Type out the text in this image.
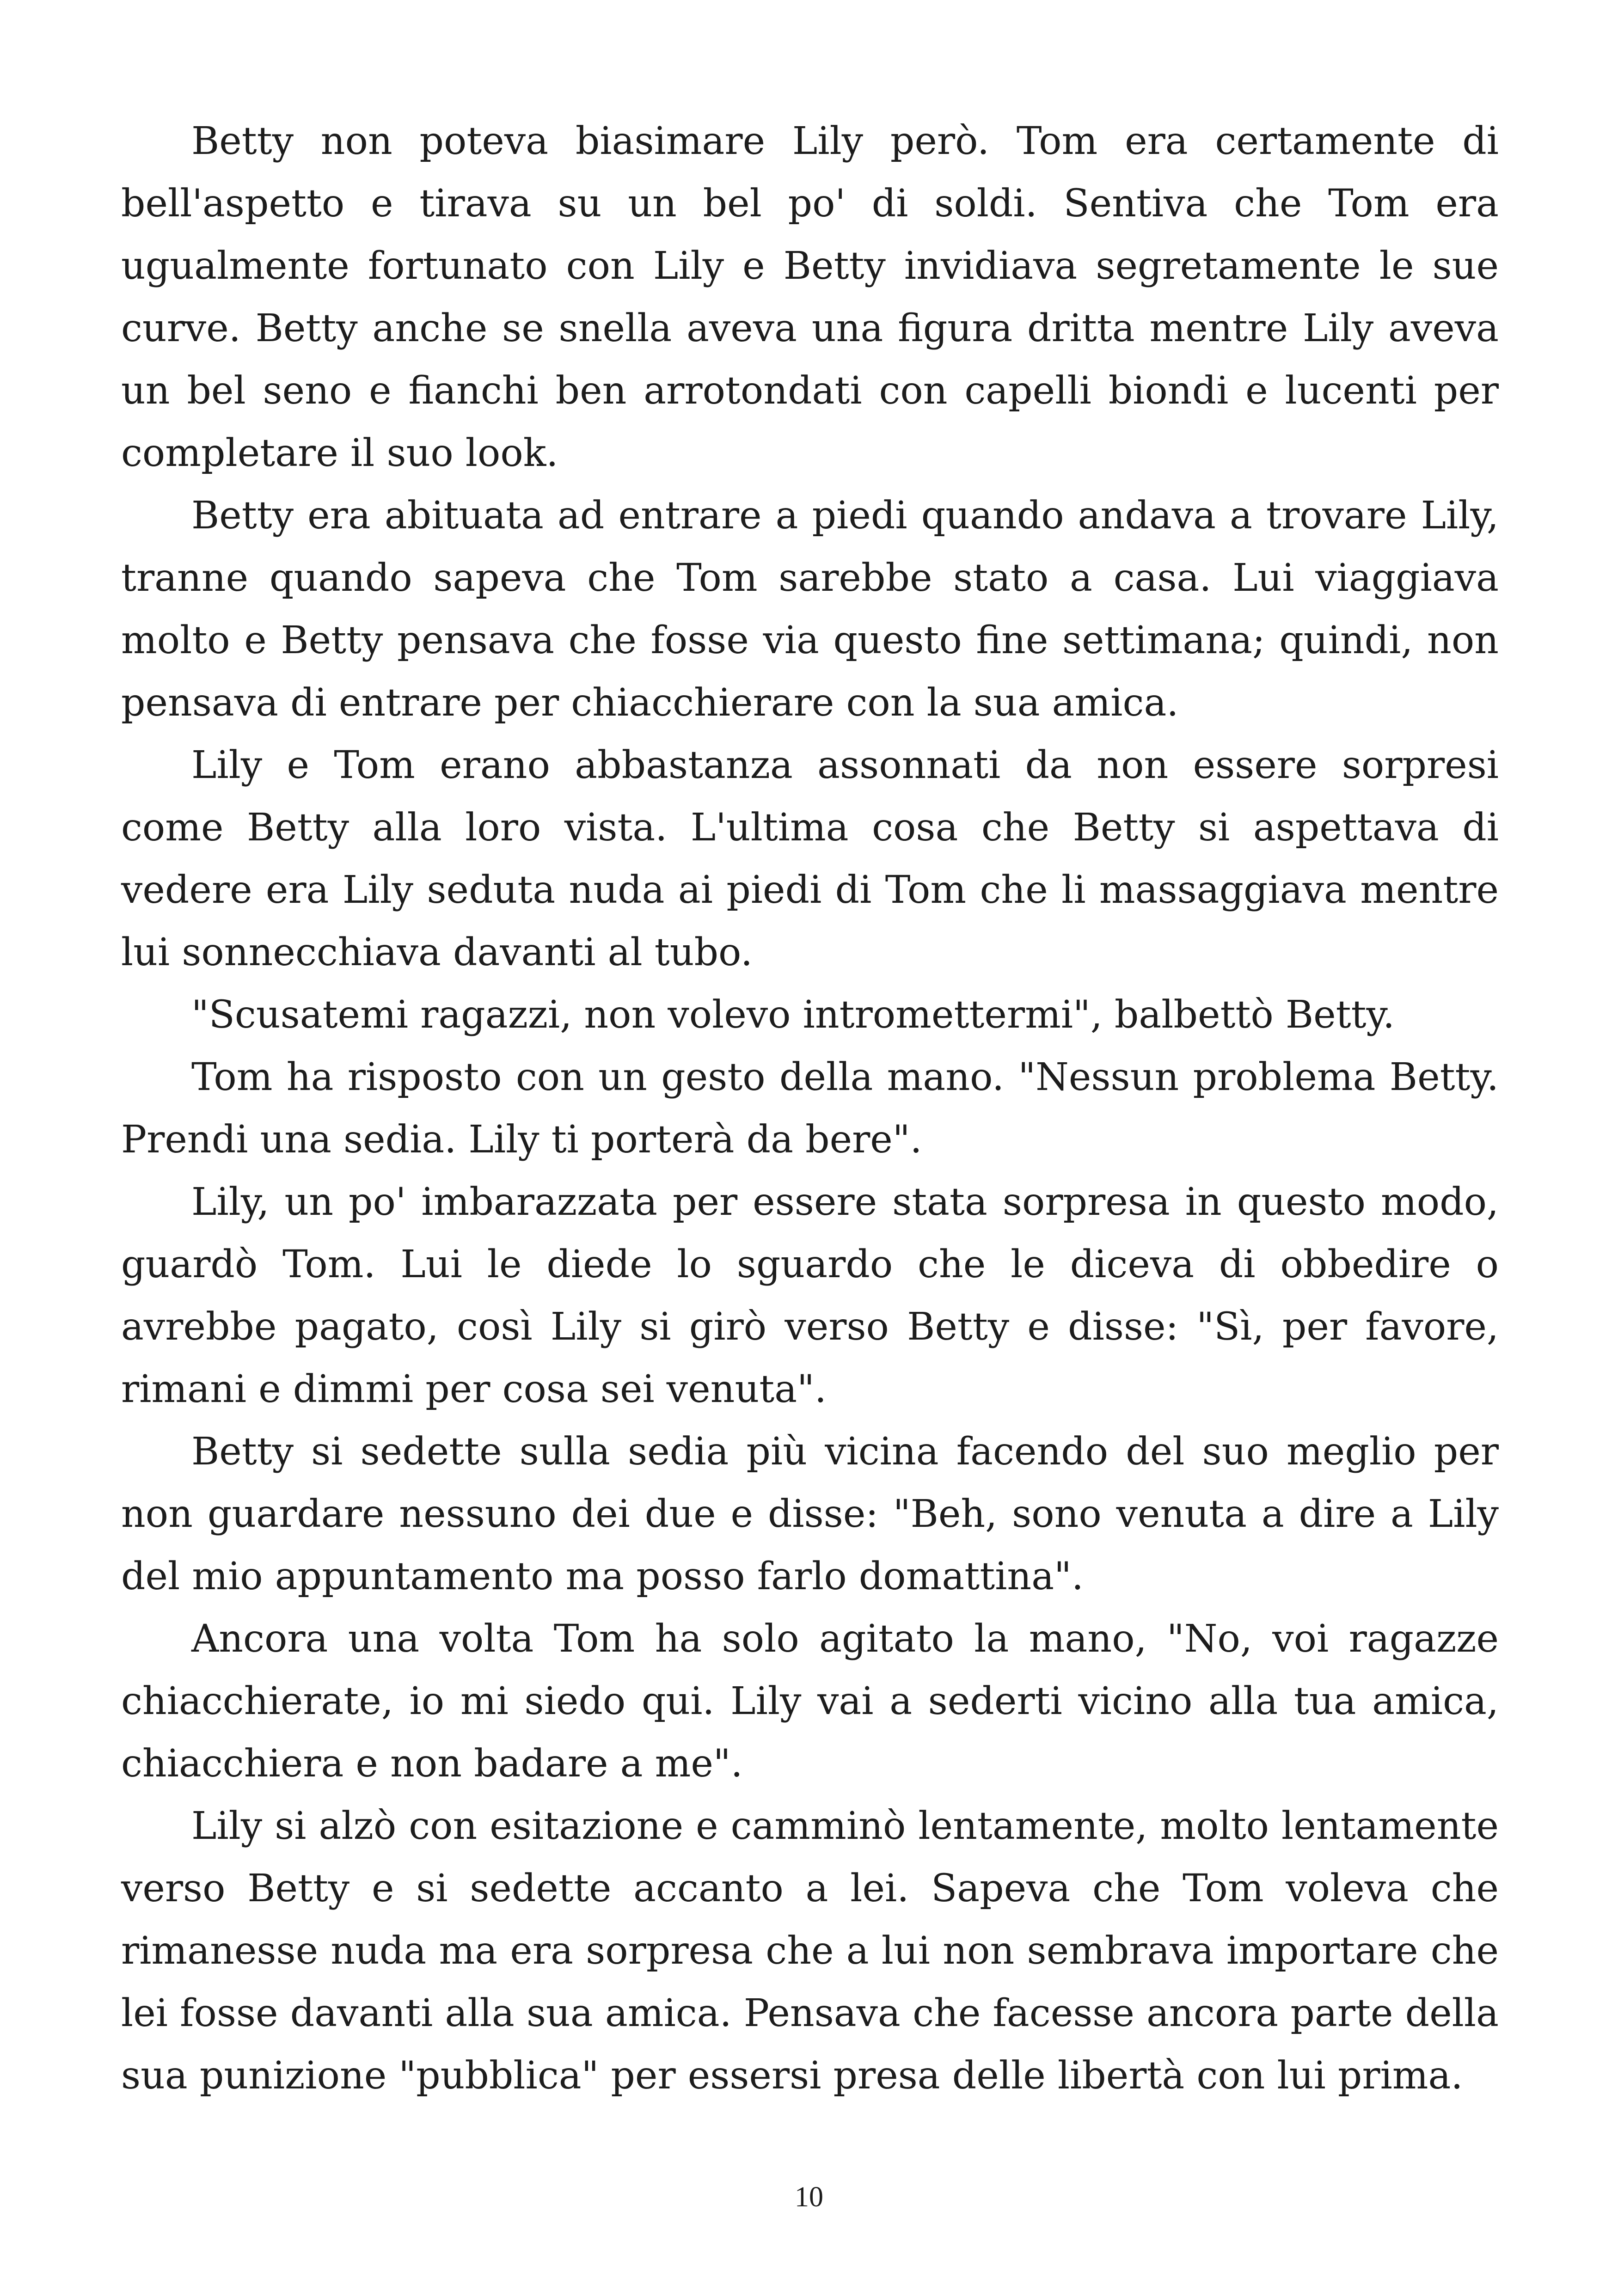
Betty non poteva biasimare Lily però. Tom era certamente di bell'aspetto e tirava su un bel po' di soldi. Sentiva che Tom era ugualmente fortunato con Lily e Betty invidiava segretamente le sue curve. Betty anche se snella aveva una figura dritta mentre Lily aveva un bel seno e fianchi ben arrotondati con capelli biondi e lucenti per completare il suo look.

Betty era abituata ad entrare a piedi quando andava a trovare Lily, tranne quando sapeva che Tom sarebbe stato a casa. Lui viaggiava molto e Betty pensava che fosse via questo fine settimana; quindi, non pensava di entrare per chiacchierare con la sua amica.

Lily e Tom erano abbastanza assonnati da non essere sorpresi come Betty alla loro vista. L'ultima cosa che Betty si aspettava di vedere era Lily seduta nuda ai piedi di Tom che li massaggiava mentre lui sonnecchiava davanti al tubo.

"Scusatemi ragazzi, non volevo intromettermi", balbettò Betty.

Tom ha risposto con un gesto della mano. "Nessun problema Betty. Prendi una sedia. Lily ti porterà da bere".

Lily, un po' imbarazzata per essere stata sorpresa in questo modo, guardò Tom. Lui le diede lo sguardo che le diceva di obbedire o avrebbe pagato, così Lily si girò verso Betty e disse: "Sì, per favore, rimani e dimmi per cosa sei venuta".

Betty si sedette sulla sedia più vicina facendo del suo meglio per non guardare nessuno dei due e disse: "Beh, sono venuta a dire a Lily del mio appuntamento ma posso farlo domattina".

Ancora una volta Tom ha solo agitato la mano, "No, voi ragazze chiacchierate, io mi siedo qui. Lily vai a sederti vicino alla tua amica, chiacchiera e non badare a me".

Lily si alzò con esitazione e camminò lentamente, molto lentamente verso Betty e si sedette accanto a lei. Sapeva che Tom voleva che rimanesse nuda ma era sorpresa che a lui non sembrava importare che lei fosse davanti alla sua amica. Pensava che facesse ancora parte della sua punizione "pubblica" per essersi presa delle libertà con lui prima.

10
